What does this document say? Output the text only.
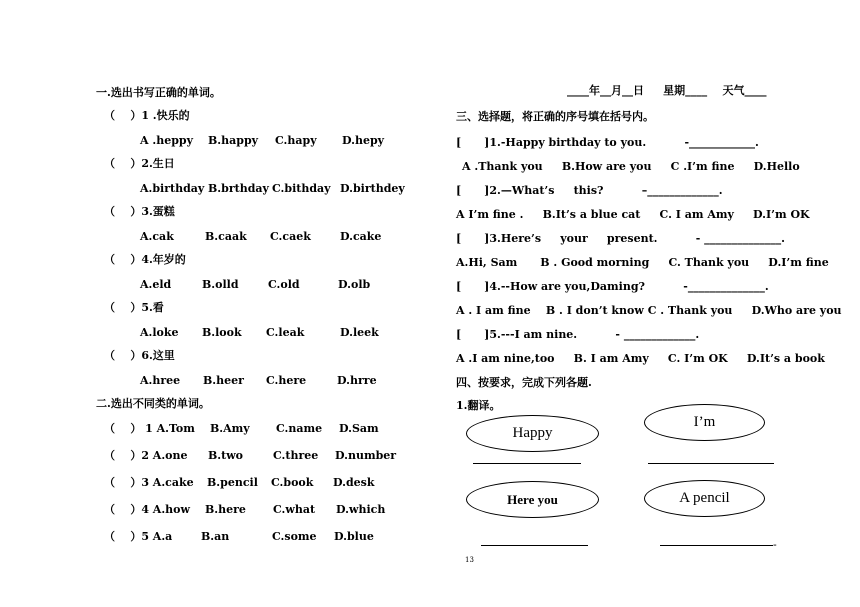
一.选出书写正确的单词。
（    ）1 .快乐的
A .heppy B.happy C.hapy D.hepy
（    ）2.生日
A.birthday B.brthday C.bithday D.birthdey
（    ）3.蛋糕
A.cak	B.caak C.caek	D.cake
（    ）4.年岁的
A.eld	B.olld	C.old	D.olb
（    ）5.看
A.loke B.look C.leak	D.leek
（    ）6.这里
A.hree B.heer C.here	D.hrre
二.选出不同类的单词。
（    ） 1 A.Tom B.Amy C.name D.Sam
（    ）2 A.one B.two	C.three D.number
（    ）3 A.cake B.pencil C.book D.desk
（    ）4 A.how B.here C.what D.which
（    ）5 A.a	B.an	C.some D.blue
____年__月__日     星期____    天气____
三、选择题，将正确的序号填在括号内。
[      ]1.-Happy birthday to you.          -____________.
A .Thank you     B.How are you     C .I’m fine     D.Hello
[      ]2.—What’s     this?          –_____________.
A I’m fine .     B.It’s a blue cat     C. I am Amy     D.I’m OK
[      ]3.Here’s     your     present.          - ______________.
A.Hi, Sam      B . Good morning     C. Thank you     D.I’m fine
[      ]4.--How are you,Daming?          -______________.
A . I am fine    B . I don’t know C . Thank you     D.Who are you
[      ]5.---I am nine.          - _____________.
A .I am nine,too     B. I am Amy     C. I’m OK     D.It’s a book
四、按要求，完成下列各题.
1.翻译。
Happy
I’m
Here you	A pencil
-
13
